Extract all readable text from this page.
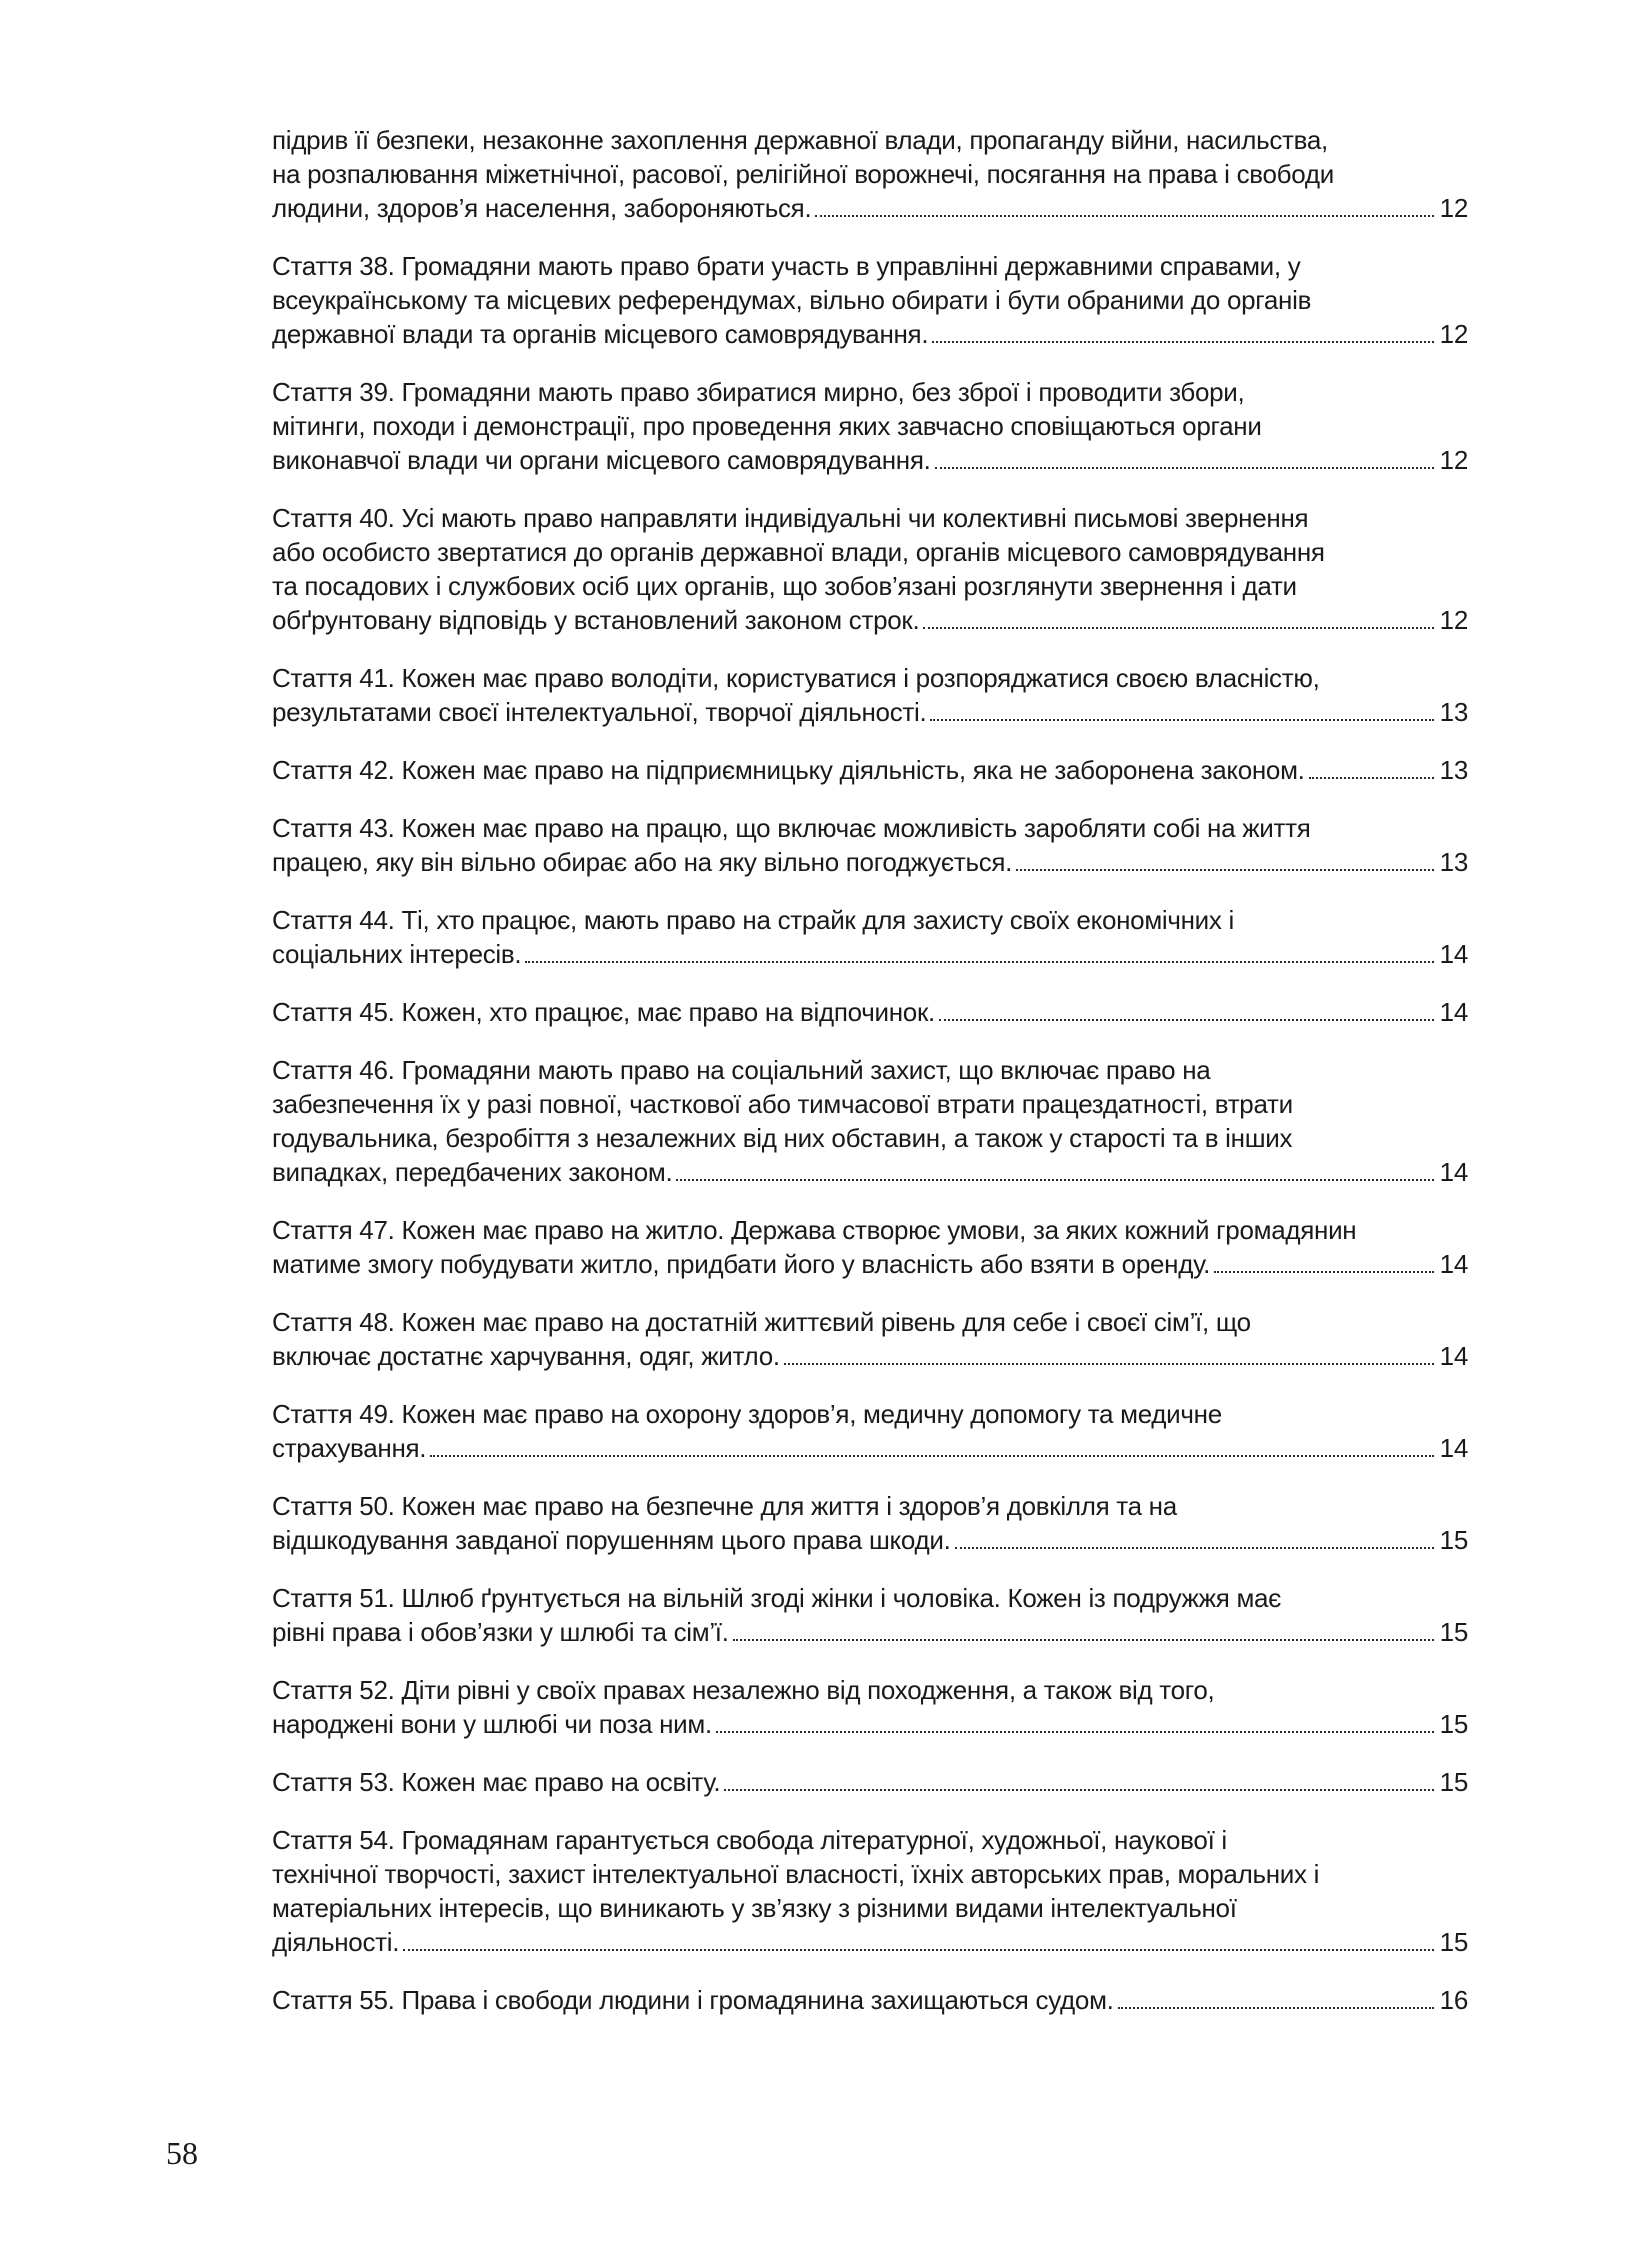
підрив її безпеки, незаконне захоплення державної влади, пропаганду війни, насильства,
на розпалювання міжетнічної, расової, релігійної ворожнечі, посягання на права і свободи
людини, здоров’я населення, забороняються.	12
Стаття 38. Громадяни мають право брати участь в управлінні державними справами, у
всеукраїнському та місцевих референдумах, вільно обирати і бути обраними до органів
державної влади та органів місцевого самоврядування.	12
Стаття 39. Громадяни мають право збиратися мирно, без зброї і проводити збори,
мітинги, походи і демонстрації, про проведення яких завчасно сповіщаються органи
виконавчої влади чи органи місцевого самоврядування.	12
Стаття 40. Усі мають право направляти індивідуальні чи колективні письмові звернення
або особисто звертатися до органів державної влади, органів місцевого самоврядування
та посадових і службових осіб цих органів, що зобов’язані розглянути звернення і дати
обґрунтовану відповідь у встановлений законом строк.	12
Стаття 41. Кожен має право володіти, користуватися і розпоряджатися своєю власністю,
результатами своєї інтелектуальної, творчої діяльності.	13
Стаття 42. Кожен має право на підприємницьку діяльність, яка не заборонена законом.	13
Стаття 43. Кожен має право на працю, що включає можливість заробляти собі на життя
працею, яку він вільно обирає або на яку вільно погоджується.	13
Стаття 44. Ті, хто працює, мають право на страйк для захисту своїх економічних і
соціальних інтересів.	14
Стаття 45. Кожен, хто працює, має право на відпочинок.	14
Стаття 46. Громадяни мають право на соціальний захист, що включає право на
забезпечення їх у разі повної, часткової або тимчасової втрати працездатності, втрати
годувальника, безробіття з незалежних від них обставин, а також у старості та в інших
випадках, передбачених законом.	14
Стаття 47. Кожен має право на житло. Держава створює умови, за яких кожний громадянин
матиме змогу побудувати житло, придбати його у власність або взяти в оренду.	14
Стаття 48. Кожен має право на достатній життєвий рівень для себе і своєї сім’ї, що
включає достатнє харчування, одяг, житло.	14
Стаття 49. Кожен має право на охорону здоров’я, медичну допомогу та медичне
страхування.	14
Стаття 50. Кожен має право на безпечне для життя і здоров’я довкілля та на
відшкодування завданої порушенням цього права шкоди.	15
Стаття 51. Шлюб ґрунтується на вільній згоді жінки і чоловіка. Кожен із подружжя має
рівні права і обов’язки у шлюбі та сім’ї.	15
Стаття 52. Діти рівні у своїх правах незалежно від походження, а також від того,
народжені вони у шлюбі чи поза ним.	15
Стаття 53. Кожен має право на освіту.	15
Стаття 54. Громадянам гарантується свобода літературної, художньої, наукової і
технічної творчості, захист інтелектуальної власності, їхніх авторських прав, моральних і
матеріальних інтересів, що виникають у зв’язку з різними видами інтелектуальної
діяльності.	15
Стаття 55. Права і свободи людини і громадянина захищаються судом.	16
58
